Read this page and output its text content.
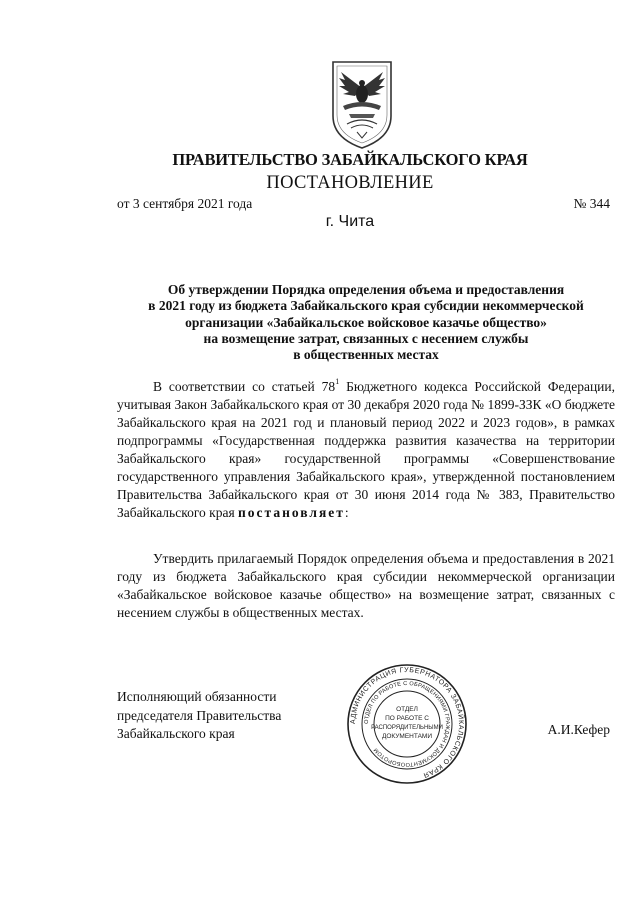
ПРАВИТЕЛЬСТВО ЗАБАЙКАЛЬСКОГО КРАЯ
ПОСТАНОВЛЕНИЕ
от 3 сентября 2021 года	№ 344
г. Чита
Об утверждении Порядка определения объема и предоставления
в 2021 году из бюджета Забайкальского края субсидии некоммерческой
организации «Забайкальское войсковое казачье общество»
на возмещение затрат, связанных с несением службы
в общественных местах
В соответствии со статьей $78^1$ Бюджетного кодекса Российской Федерации, учитывая Закон Забайкальского края от 30 декабря 2020 года № 1899-ЗЗК «О бюджете Забайкальского края на 2021 год и плановый период 2022 и 2023 годов», в рамках подпрограммы «Государственная поддержка развития казачества на территории Забайкальского края» государственной программы «Совершенствование государственного управления Забайкальского края», утвержденной постановлением Правительства Забайкальского края от 30 июня 2014 года № 383, Правительство Забайкальского края постановляет:
Утвердить прилагаемый Порядок определения объема и предоставления в 2021 году из бюджета Забайкальского края субсидии некоммерческой организации «Забайкальское войсковое казачье общество» на возмещение затрат, связанных с несением службы в общественных местах.
Исполняющий обязанности
председателя Правительства
Забайкальского края	А.И.Кефер
АДМИНИСТРАЦИЯ ГУБЕРНАТОРА ЗАБАЙКАЛЬСКОГО КРАЯ
ОТДЕЛ ПО РАБОТЕ С ОБРАЩЕНИЯМИ ГРАЖДАН И ДОКУМЕНТООБОРОТОМ
ОТДЕЛ
ПО РАБОТЕ С
РАСПОРЯДИТЕЛЬНЫМИ
ДОКУМЕНТАМИ
